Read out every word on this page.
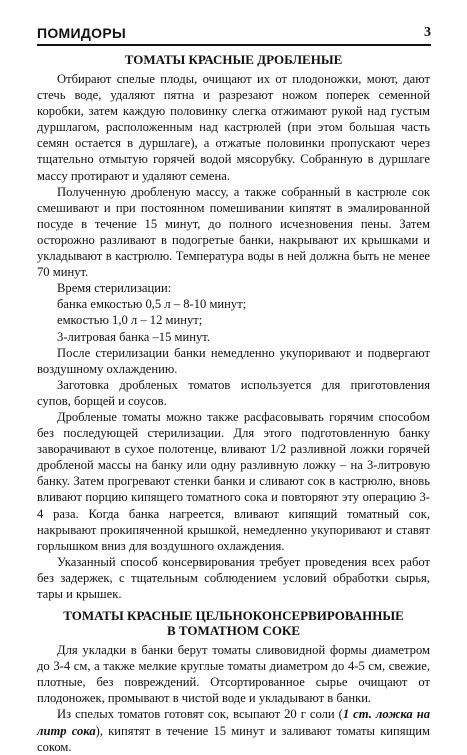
ПОМИДОРЫ	3
ТОМАТЫ КРАСНЫЕ ДРОБЛЕНЫЕ

Отбирают спелые плоды, очищают их от плодоножки, моют, дают стечь воде, удаляют пятна и разрезают ножом поперек семенной коробки, затем каждую половинку слегка отжимают рукой над густым дуршлагом, расположенным над кастрюлей (при этом большая часть семян остается в дуршлаге), а отжатые половинки пропускают через тщательно отмытую горячей водой мясорубку. Собранную в дуршлаге массу протирают и удаляют семена.

Полученную дробленую массу, а также собранный в кастрюле сок смешивают и при постоянном помешивании кипятят в эмалированной посуде в течение 15 минут, до полного исчезновения пены. Затем осторожно разливают в подогретые банки, накрывают их крышками и укладывают в кастрюлю. Температура воды в ней должна быть не менее 70 минут.

Время стерилизации:

банка емкостью 0,5 л – 8-10 минут;

емкостью 1,0 л – 12 минут;

3-литровая банка –15 минут.

После стерилизации банки немедленно укупоривают и подвергают воздушному охлаждению.

Заготовка дробленых томатов используется для приготовления супов, борщей и соусов.

Дробленые томаты можно также расфасовывать горячим способом без последующей стерилизации. Для этого подготовленную банку заворачивают в сухое полотенце, вливают 1/2 разливной ложки горячей дробленой массы на банку или одну разливную ложку – на 3-литровую банку. Затем прогревают стенки банки и сливают сок в кастрюлю, вновь вливают порцию кипящего томатного сока и повторяют эту операцию 3-4 раза. Когда банка нагреется, вливают кипящий томатный сок, накрывают прокипяченной крышкой, немедленно укупоривают и ставят горлышком вниз для воздушного охлаждения.

Указанный способ консервирования требует проведения всех работ без задержек, с тщательным соблюдением условий обработки сырья, тары и крышек.

ТОМАТЫ КРАСНЫЕ ЦЕЛЬНОКОНСЕРВИРОВАННЫЕ
В ТОМАТНОМ СОКЕ

Для укладки в банки берут томаты сливовидной формы диаметром до 3-4 см, а также мелкие круглые томаты диаметром до 4-5 см, свежие, плотные, без повреждений. Отсортированное сырье очищают от плодоножек, промывают в чистой воде и укладывают в банки.

Из спелых томатов готовят сок, всыпают 20 г соли (1 ст. ложка на литр сока), кипятят в течение 15 минут и заливают томаты кипящим соком.
